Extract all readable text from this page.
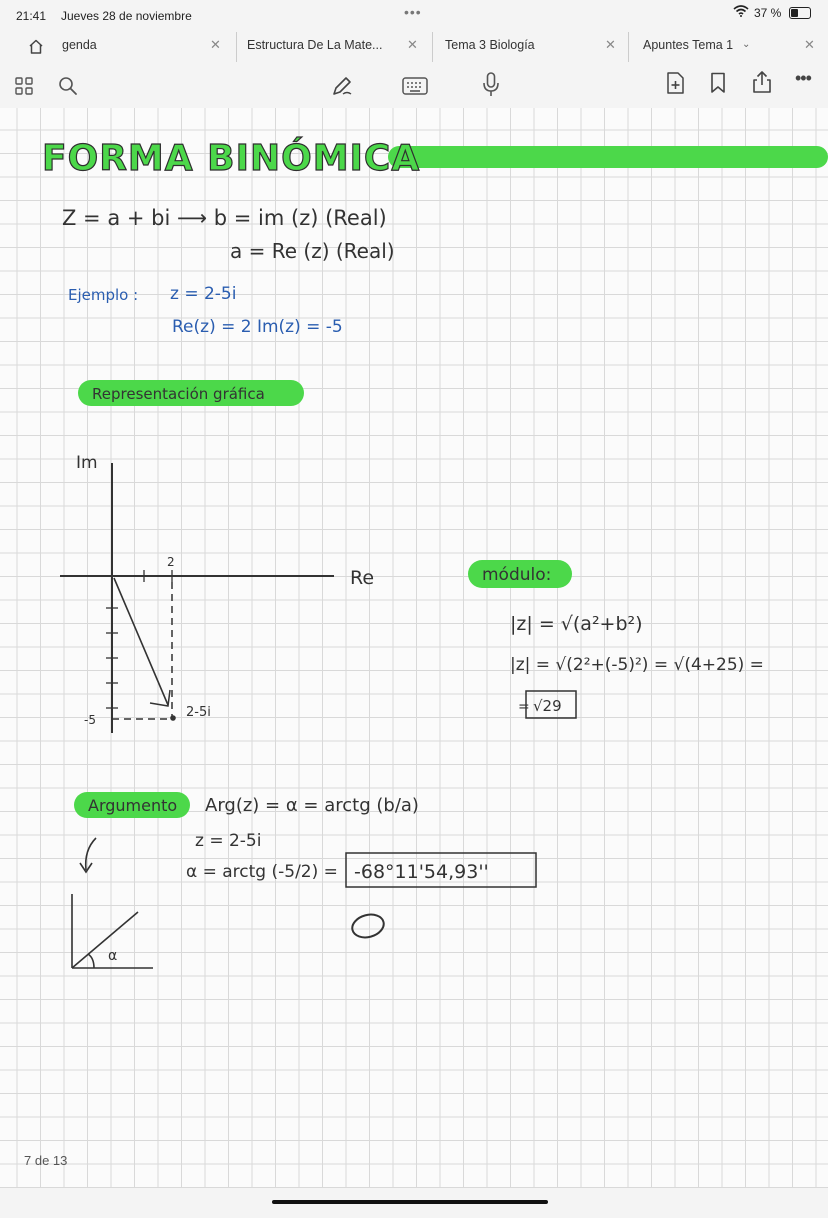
21:41 Jueves 28 de noviembre	•••	37 %
genda	✕ Estructura De La Mate... ✕ Tema 3 Biología	✕ Apuntes Tema 1 ⌄	✕
•••
FORMA BINÓMICA
Z = a + bi ⟶ b = im (z) (Real)
a = Re (z) (Real)
Ejemplo : z = 2-5i
Re(z) = 2 Im(z) = -5
Representación gráfica
Im
Re
2
-5	2-5i
módulo:
|z| = √(a²+b²)
|z| = √(2²+(-5)²) = √(4+25) =
= √29
Argumento Arg(z) = α = arctg (b/a)
z = 2-5i
α = arctg (-5/2) = -68°11'54,93''
α
7 de 13
